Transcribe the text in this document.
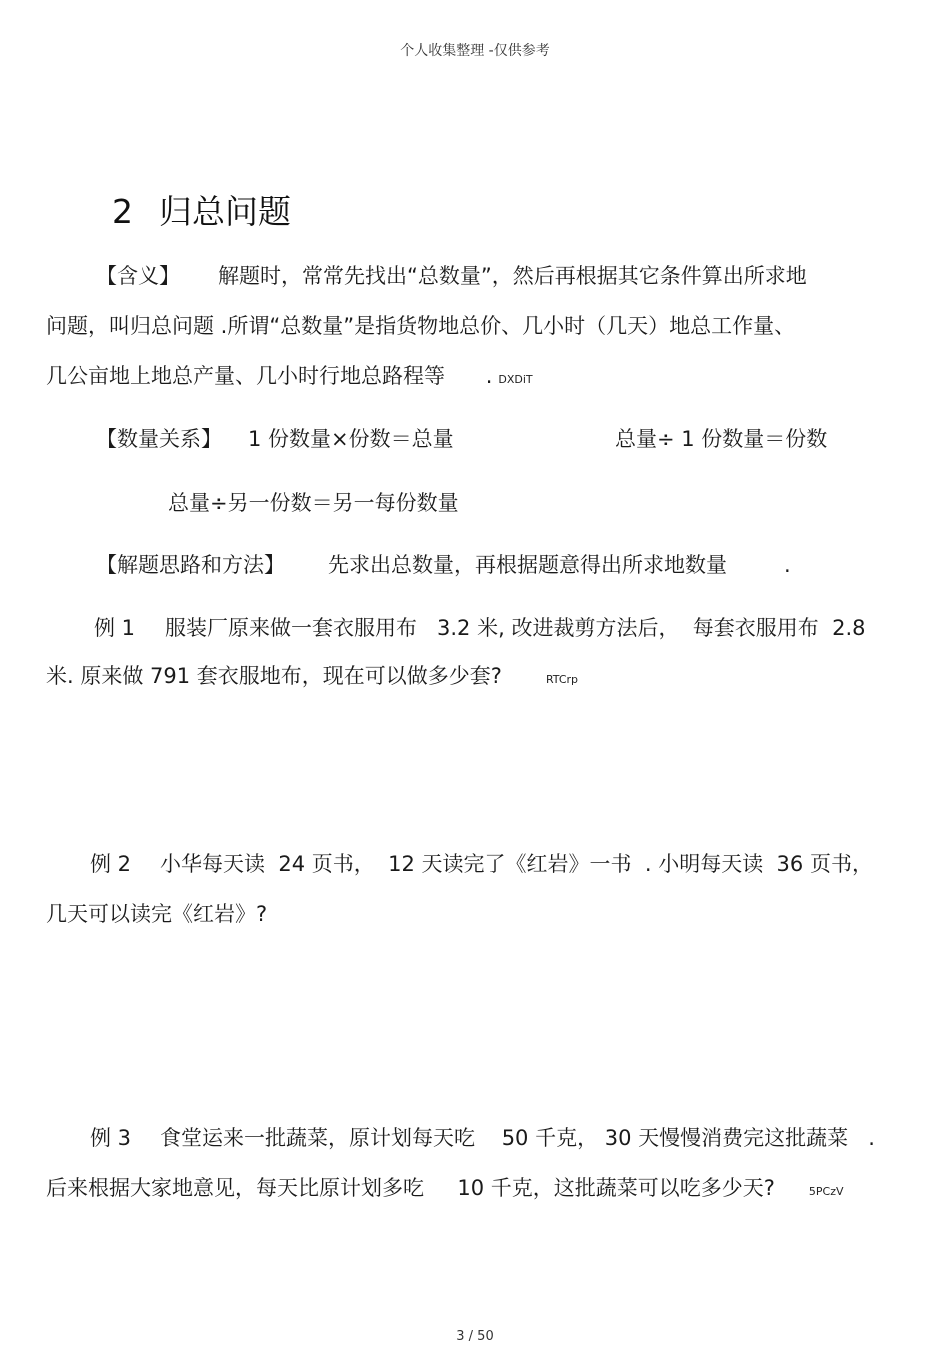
个人收集整理 -仅供参考
2 归总问题
【含义】 解题时，常常先找出“总数量”，然后再根据其它条件算出所求地
问题，叫归总问题 .所谓“总数量”是指货物地总价、几小时（几天）地总工作量、
几公亩地上地总产量、几小时行地总路程等 . DXDiT
【数量关系】 1 份数量×份数＝总量	总量÷ 1 份数量＝份数
总量÷另一份数＝另一每份数量
【解题思路和方法】 先求出总数量，再根据题意得出所求地数量	.
例 1 服装厂原来做一套衣服用布   3.2 米, 改进裁剪方法后，  每套衣服用布  2.8
米. 原来做 791 套衣服地布，现在可以做多少套?	RTCrp
例 2 小华每天读  24 页书，  12 天读完了《红岩》一书  . 小明每天读  36 页书，
几天可以读完《红岩》?
例 3 食堂运来一批蔬菜，原计划每天吃    50 千克， 30 天慢慢消费完这批蔬菜   .
后来根据大家地意见，每天比原计划多吃     10 千克，这批蔬菜可以吃多少天?	5PCzV
3 / 50
